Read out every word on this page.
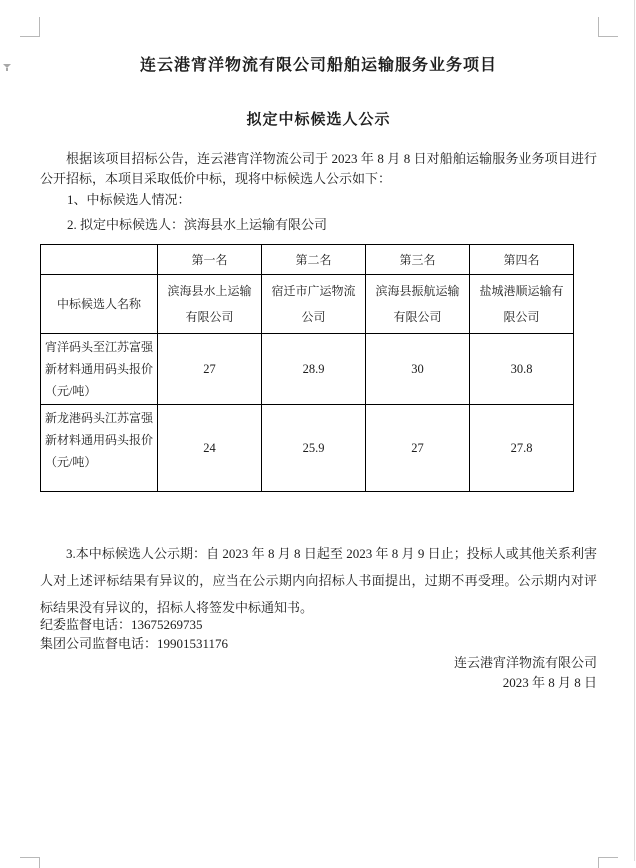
连云港宵洋物流有限公司船舶运输服务业务项目
拟定中标候选人公示

根据该项目招标公告，连云港宵洋物流公司于 2023 年 8 月 8 日对船舶运输服务业务项目进行公开招标，本项目采取低价中标，现将中标候选人公示如下：

1、中标候选人情况：

2. 拟定中标候选人：滨海县水上运输有限公司

	第一名	第二名	第三名	第四名
中标候选人名称	滨海县水上运输有限公司	宿迁市广运物流公司	滨海县振航运输有限公司	盐城港顺运输有限公司
宵洋码头至江苏富强新材料通用码头报价（元/吨）	27	28.9	30	30.8
新龙港码头江苏富强新材料通用码头报价（元/吨）	24	25.9	27	27.8

3.本中标候选人公示期：自 2023 年 8 月 8 日起至 2023 年 8 月 9 日止；投标人或其他关系利害人对上述评标结果有异议的，应当在公示期内向招标人书面提出，过期不再受理。公示期内对评标结果没有异议的，招标人将签发中标通知书。

纪委监督电话：13675269735

集团公司监督电话：19901531176

连云港宵洋物流有限公司

2023 年 8 月 8 日
